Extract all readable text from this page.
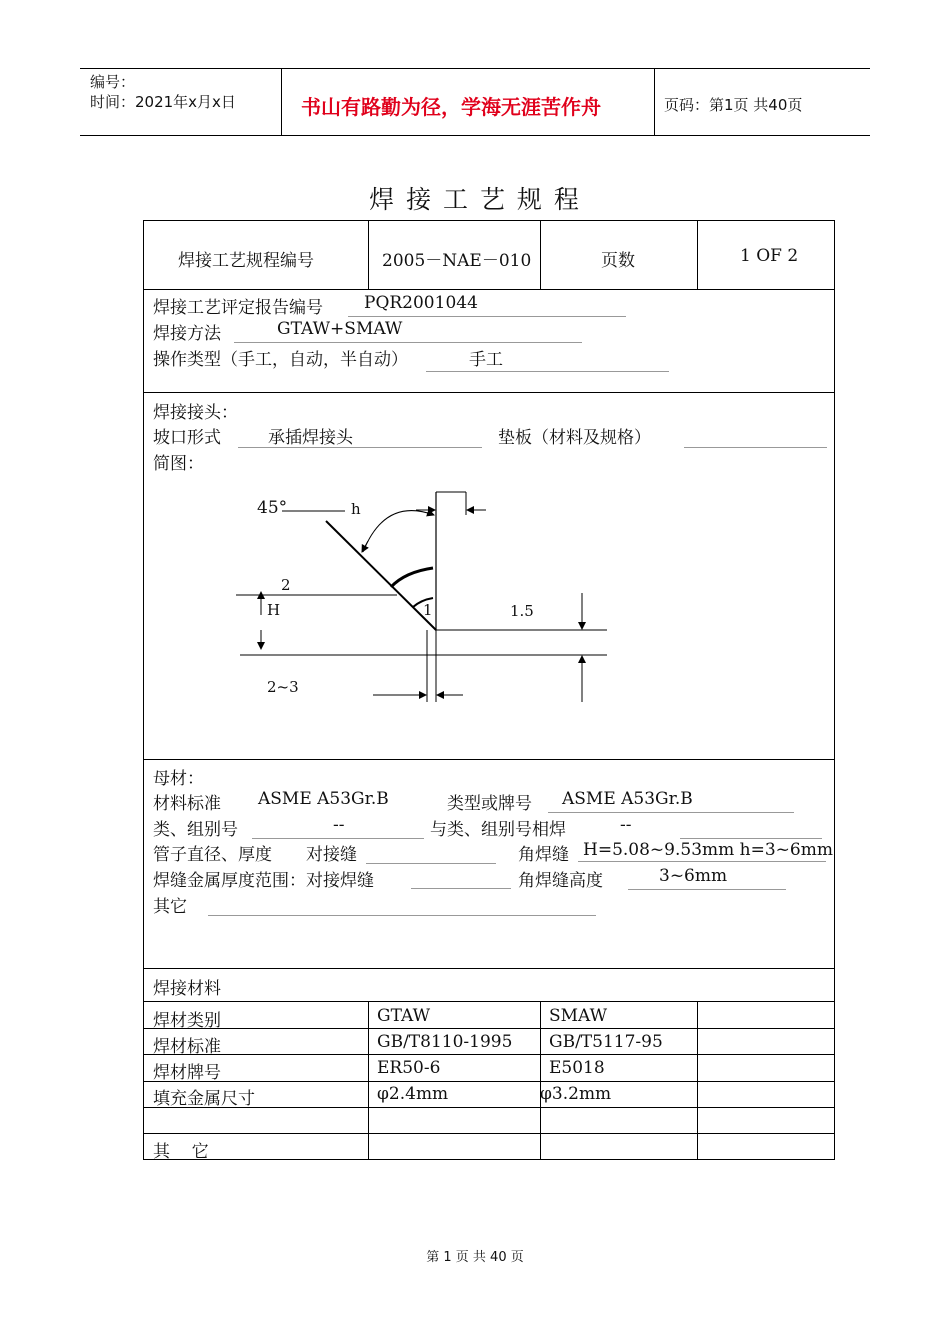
编号：
时间：2021年x月x日	书山有路勤为径，学海无涯苦作舟	页码：第1页 共40页
焊 接 工 艺 规 程
焊接工艺规程编号	2005－NAE－010	页数	1 OF 2
焊接工艺评定报告编号 PQR2001044
焊接方法	GTAW+SMAW
操作类型（手工，自动，半自动）	手工
焊接接头：
坡口形式	承插焊接头	垫板（材料及规格）
简图：
45°	h
2
H	1	1.5
2~3
母材：
材料标准 ASME A53Gr.B	类型或牌号 ASME A53Gr.B
类、组别号	--	与类、组别号相焊	--
管子直径、厚度 对接缝	角焊缝 H=5.08~9.53mm h=3~6mm
焊缝金属厚度范围：对接焊缝	角焊缝高度	3~6mm
其它
焊接材料
焊材类别	GTAW	SMAW
焊材标准	GB/T8110-1995 GB/T5117-95
焊材牌号	ER50-6	E5018
填充金属尺寸	φ2.4mm	φ3.2mm
其    它
第 1 页 共 40 页
